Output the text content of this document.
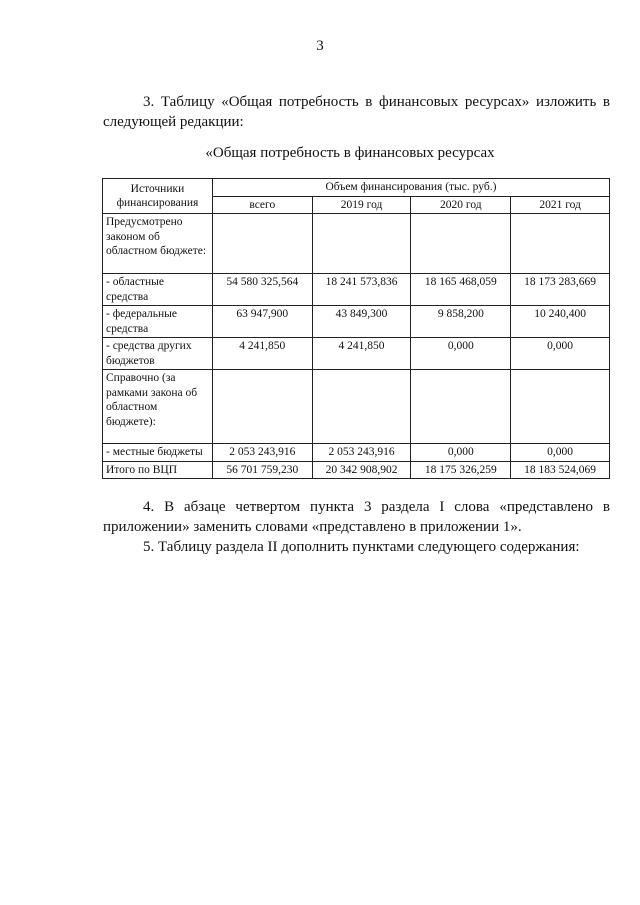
3

3. Таблицу «Общая потребность в финансовых ресурсах» изложить в следующей редакции:

«Общая потребность в финансовых ресурсах
Источники финансирования	Объем финансирования (тыс. руб.)			
	всего	2019 год	2020 год	2021 год
Предусмотрено законом об областном бюджете:				
- областные средства	54 580 325,564	18 241 573,836	18 165 468,059	18 173 283,669
- федеральные средства	63 947,900	43 849,300	9 858,200	10 240,400
- средства других бюджетов	4 241,850	4 241,850	0,000	0,000
Справочно (за рамками закона об областном бюджете):				
- местные бюджеты	2 053 243,916	2 053 243,916	0,000	0,000
Итого по ВЦП	56 701 759,230	20 342 908,902	18 175 326,259	18 183 524,069

4. В абзаце четвертом пункта 3 раздела I слова «представлено в приложении» заменить словами «представлено в приложении 1».

5. Таблицу раздела II дополнить пунктами следующего содержания:
